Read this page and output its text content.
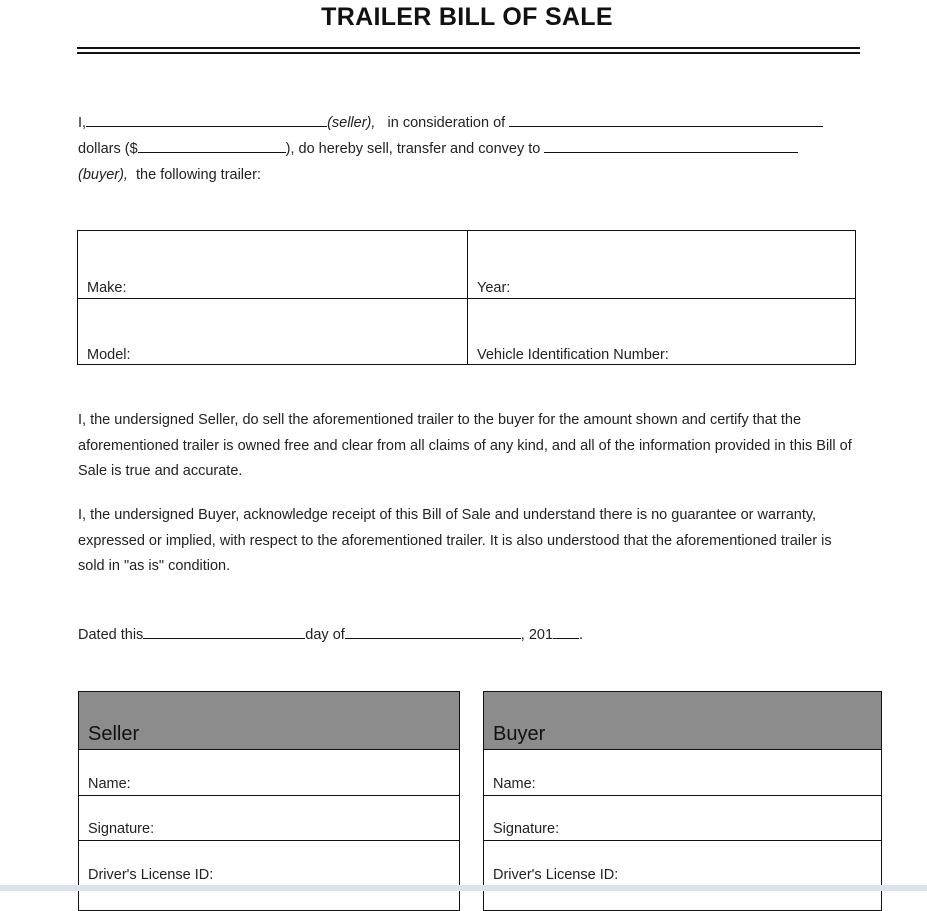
TRAILER BILL OF SALE
I,	(seller), in consideration of
dollars ($	), do hereby sell, transfer and convey to
(buyer), the following trailer:
Make:	Year:
Model:	Vehicle Identification Number:
I, the undersigned Seller, do sell the aforementioned trailer to the buyer for the amount shown and certify that the aforementioned trailer is owned free and clear from all claims of any kind, and all of the information provided in this Bill of Sale is true and accurate.
I, the undersigned Buyer, acknowledge receipt of this Bill of Sale and understand there is no guarantee or warranty, expressed or implied, with respect to the aforementioned trailer. It is also understood that the aforementioned trailer is sold in "as is" condition.
Dated this	day of	, 201 .
Seller
Name:
Signature:
Driver's License ID:
Buyer
Name:
Signature:
Driver's License ID:
